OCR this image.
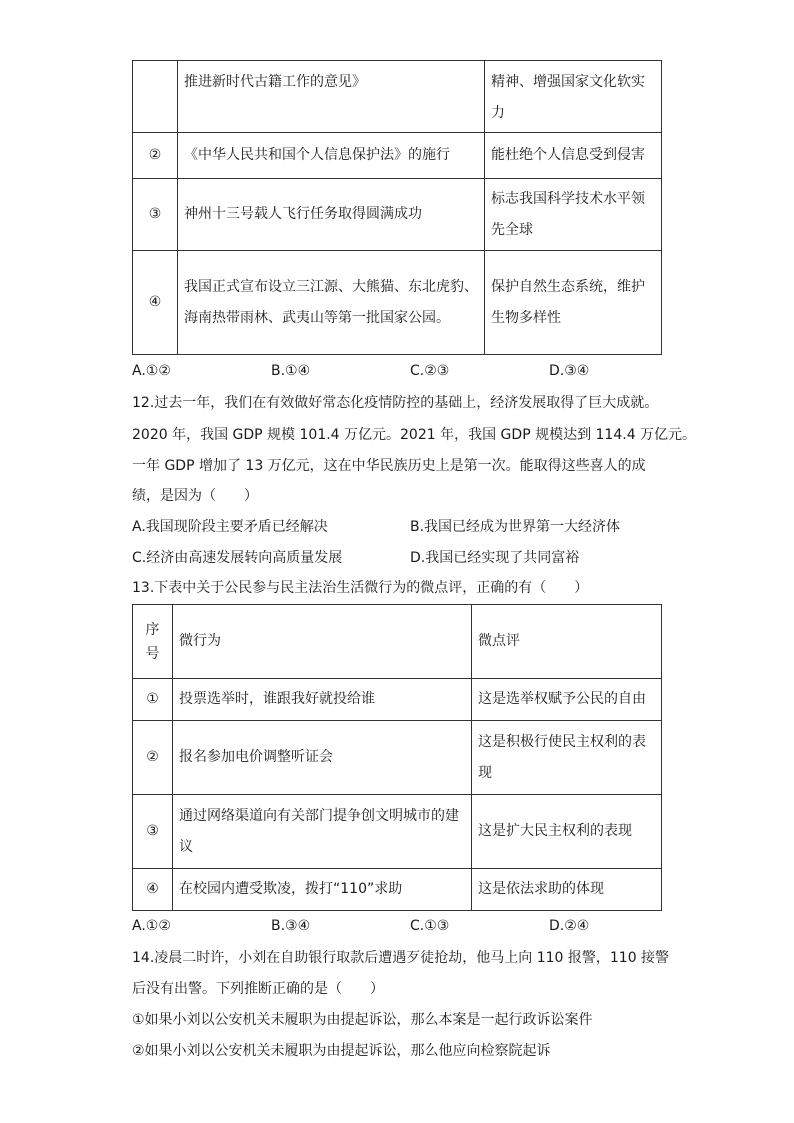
	推进新时代古籍工作的意见》	精神、增强国家文化软实力
②	《中华人民共和国个人信息保护法》的施行	能杜绝个人信息受到侵害
③	神州十三号载人飞行任务取得圆满成功	标志我国科学技术水平领先全球
④	我国正式宣布设立三江源、大熊猫、东北虎豹、海南热带雨林、武夷山等第一批国家公园。	保护自然生态系统，维护生物多样性
A.①②	B.①④	C.②③	D.③④
12.过去一年，我们在有效做好常态化疫情防控的基础上，经济发展取得了巨大成就。
2020 年，我国 GDP 规模 101.4 万亿元。2021 年，我国 GDP 规模达到 114.4 万亿元。
一年 GDP 增加了 13 万亿元，这在中华民族历史上是第一次。能取得这些喜人的成
绩，是因为（　　）
A.我国现阶段主要矛盾已经解决	B.我国已经成为世界第一大经济体
C.经济由高速发展转向高质量发展	D.我国已经实现了共同富裕
13.下表中关于公民参与民主法治生活微行为的微点评，正确的有（　　）
序号	微行为	微点评
①	投票选举时，谁跟我好就投给谁	这是选举权赋予公民的自由
②	报名参加电价调整听证会	这是积极行使民主权利的表现
③	通过网络渠道向有关部门提争创文明城市的建议	这是扩大民主权利的表现
④	在校园内遭受欺凌，拨打“110”求助	这是依法求助的体现
A.①②	B.③④	C.①③	D.②④
14.凌晨二时许，小刘在自助银行取款后遭遇歹徒抢劫，他马上向 110 报警，110 接警
后没有出警。下列推断正确的是（　　）
①如果小刘以公安机关未履职为由提起诉讼，那么本案是一起行政诉讼案件
②如果小刘以公安机关未履职为由提起诉讼，那么他应向检察院起诉
